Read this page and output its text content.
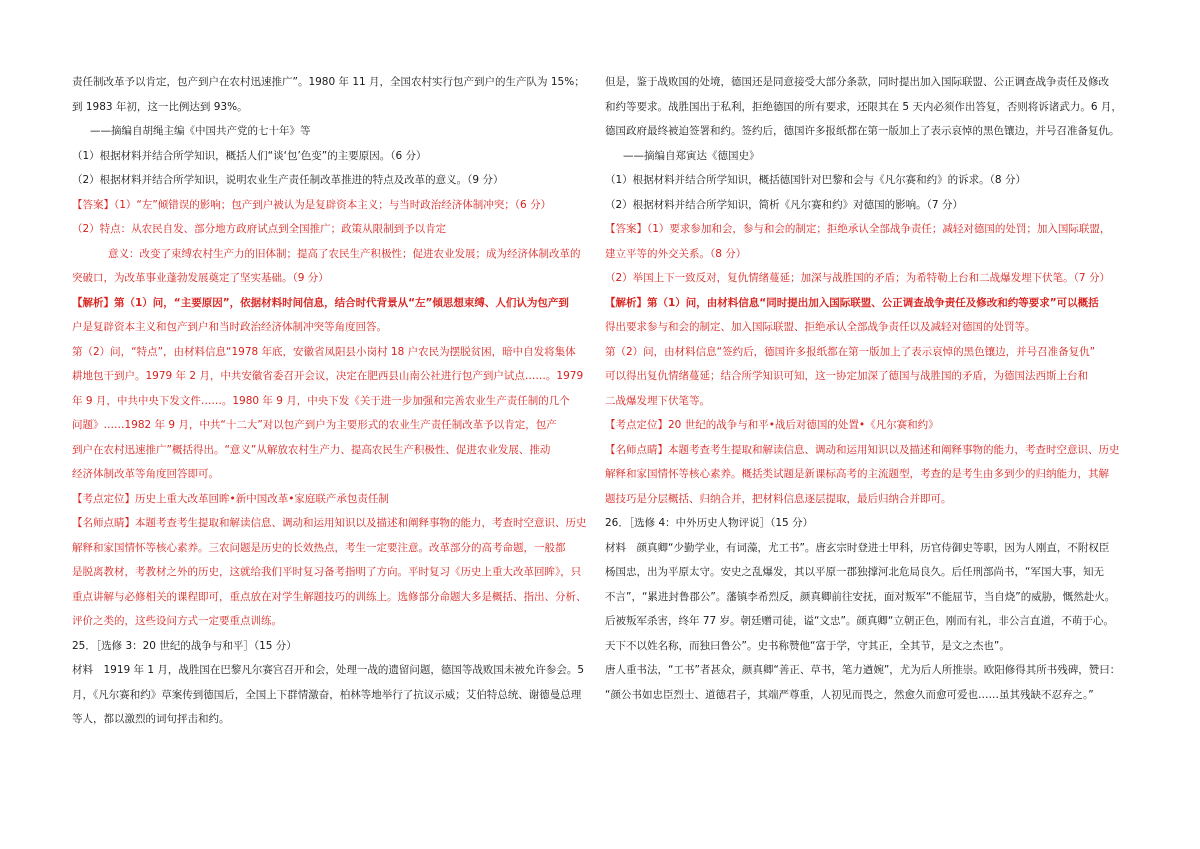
责任制改革予以肯定，包产到户在农村迅速推广”。1980 年 11 月，全国农村实行包产到户的生产队为 15%；

到 1983 年初，这一比例达到 93%。

——摘编自胡绳主编《中国共产党的七十年》等

（1）根据材料并结合所学知识，概括人们“谈‘包’色变”的主要原因。（6 分）

（2）根据材料并结合所学知识，说明农业生产责任制改革推进的特点及改革的意义。（9 分）

【答案】（1）“左”倾错误的影响；包产到户被认为是复辟资本主义；与当时政治经济体制冲突；（6 分）

（2）特点：从农民自发、部分地方政府试点到全国推广；政策从限制到予以肯定

意义：改变了束缚农村生产力的旧体制；提高了农民生产积极性；促进农业发展；成为经济体制改革的

突破口，为改革事业蓬勃发展奠定了坚实基础。（9 分）

【解析】第（1）问，“主要原因”，依据材料时间信息，结合时代背景从“左”倾思想束缚、人们认为包产到

户是复辟资本主义和包产到户和当时政治经济体制冲突等角度回答。

第（2）问，“特点”，由材料信息“1978 年底，安徽省凤阳县小岗村 18 户农民为摆脱贫困，暗中自发将集体

耕地包干到户。1979 年 2 月，中共安徽省委召开会议，决定在肥西县山南公社进行包产到户试点……。1979

年 9 月，中共中央下发文件……。1980 年 9 月，中央下发《关于进一步加强和完善农业生产责任制的几个

问题》……1982 年 9 月，中共“十二大”对以包产到户为主要形式的农业生产责任制改革予以肯定，包产

到户在农村迅速推广”概括得出。“意义”从解放农村生产力、提高农民生产积极性、促进农业发展、推动

经济体制改革等角度回答即可。

【考点定位】历史上重大改革回眸•新中国改革•家庭联产承包责任制

【名师点睛】本题考查考生提取和解读信息、调动和运用知识以及描述和阐释事物的能力，考查时空意识、历史

解释和家国情怀等核心素养。三农问题是历史的长效热点，考生一定要注意。改革部分的高考命题，一般都

是脱离教材，考教材之外的历史，这就给我们平时复习备考指明了方向。平时复习《历史上重大改革回眸》，只

重点讲解与必修相关的课程即可，重点放在对学生解题技巧的训练上。选修部分命题大多是概括、指出、分析、

评价之类的，这些设问方式一定要重点训练。

25．［选修 3：20 世纪的战争与和平］（15 分）

材料　1919 年 1 月，战胜国在巴黎凡尔赛宫召开和会，处理一战的遗留问题，德国等战败国未被允许参会。5

月，《凡尔赛和约》草案传到德国后，全国上下群情激奋，柏林等地举行了抗议示威；艾伯特总统、谢德曼总理

等人，都以激烈的词句抨击和约。

但是，鉴于战败国的处境，德国还是同意接受大部分条款，同时提出加入国际联盟、公正调查战争责任及修改

和约等要求。战胜国出于私利，拒绝德国的所有要求，还限其在 5 天内必须作出答复，否则将诉诸武力。6 月，

德国政府最终被迫签署和约。签约后，德国许多报纸都在第一版加上了表示哀悼的黑色镶边，并号召准备复仇。

——摘编自郑寅达《德国史》

（1）根据材料并结合所学知识，概括德国针对巴黎和会与《凡尔赛和约》的诉求。（8 分）

（2）根据材料并结合所学知识，简析《凡尔赛和约》对德国的影响。（7 分）

【答案】（1）要求参加和会，参与和会的制定；拒绝承认全部战争责任；减轻对德国的处罚；加入国际联盟，

建立平等的外交关系。（8 分）

（2）举国上下一致反对，复仇情绪蔓延；加深与战胜国的矛盾；为希特勒上台和二战爆发埋下伏笔。（7 分）

【解析】第（1）问，由材料信息“同时提出加入国际联盟、公正调查战争责任及修改和约等要求”可以概括

得出要求参与和会的制定、加入国际联盟、拒绝承认全部战争责任以及减轻对德国的处罚等。

第（2）问，由材料信息“签约后，德国许多报纸都在第一版加上了表示哀悼的黑色镶边，并号召准备复仇”

可以得出复仇情绪蔓延；结合所学知识可知，这一协定加深了德国与战胜国的矛盾，为德国法西斯上台和

二战爆发埋下伏笔等。

【考点定位】20 世纪的战争与和平•战后对德国的处置•《凡尔赛和约》

【名师点睛】本题考查考生提取和解读信息、调动和运用知识以及描述和阐释事物的能力，考查时空意识、历史

解释和家国情怀等核心素养。概括类试题是新课标高考的主流题型，考查的是考生由多到少的归纳能力，其解

题技巧是分层概括、归纳合并，把材料信息逐层提取，最后归纳合并即可。

26．［选修 4：中外历史人物评说］（15 分）

材料　颜真卿“少勤学业，有词藻，尤工书”。唐玄宗时登进士甲科，历官侍御史等职，因为人刚直，不附权臣

杨国忠，出为平原太守。安史之乱爆发，其以平原一郡独撑河北危局良久。后任刑部尚书，“军国大事，知无

不言”，“累进封鲁郡公”。藩镇李希烈反，颜真卿前往安抚，面对叛军“不能屈节，当自烧”的威胁，慨然赴火。

后被叛军杀害，终年 77 岁。朝廷赠司徒，谥“文忠”。颜真卿“立朝正色，刚而有礼，非公言直道，不萌于心。

天下不以姓名称，而独曰鲁公”。史书称赞他“富于学，守其正，全其节，是文之杰也”。

唐人重书法，“工书”者甚众，颜真卿“善正、草书，笔力遒婉”，尤为后人所推崇。欧阳修得其所书残碑，赞曰：

“颜公书如忠臣烈士、道德君子，其端严尊重，人初见而畏之，然愈久而愈可爱也……虽其残缺不忍弃之。”
